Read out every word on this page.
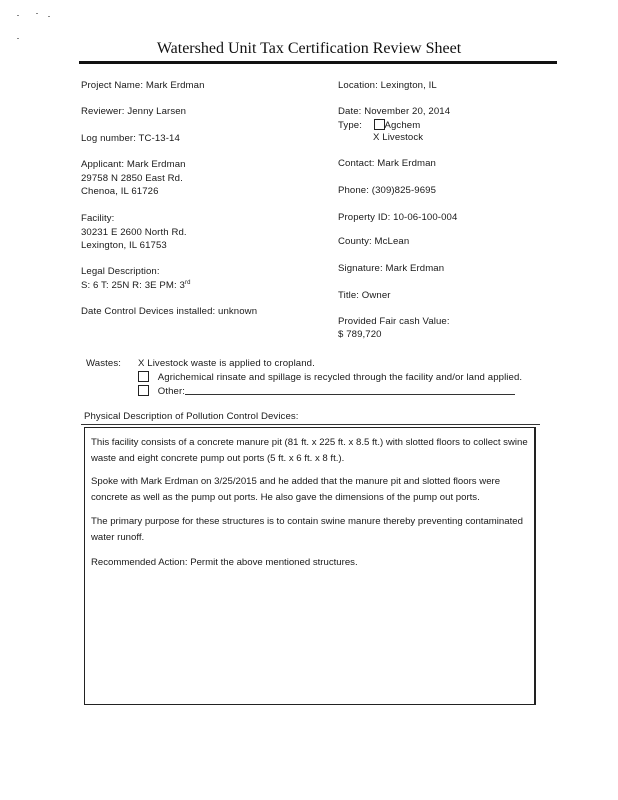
Watershed Unit Tax Certification Review Sheet
Project Name: Mark Erdman
Reviewer: Jenny Larsen
Log number: TC-13-14
Applicant: Mark Erdman
29758 N 2850 East Rd.
Chenoa, IL 61726
Facility:
30231 E 2600 North Rd.
Lexington, IL 61753
Legal Description:
S: 6 T: 25N R: 3E PM: 3rd
Date Control Devices installed: unknown
Location: Lexington, IL
Date: November 20, 2014
Type: Agchem
X Livestock
Contact: Mark Erdman
Phone: (309)825-9695
Property ID: 10-06-100-004
County: McLean
Signature: Mark Erdman
Title: Owner
Provided Fair cash Value:
$ 789,720
Wastes: X Livestock waste is applied to cropland.
Agrichemical rinsate and spillage is recycled through the facility and/or land applied.
Other:
Physical Description of Pollution Control Devices:
This facility consists of a concrete manure pit (81 ft. x 225 ft. x 8.5 ft.) with slotted floors to collect swine waste and eight concrete pump out ports (5 ft. x 6 ft. x 8 ft.).
Spoke with Mark Erdman on 3/25/2015 and he added that the manure pit and slotted floors were concrete as well as the pump out ports. He also gave the dimensions of the pump out ports.
The primary purpose for these structures is to contain swine manure thereby preventing contaminated water runoff.
Recommended Action: Permit the above mentioned structures.
